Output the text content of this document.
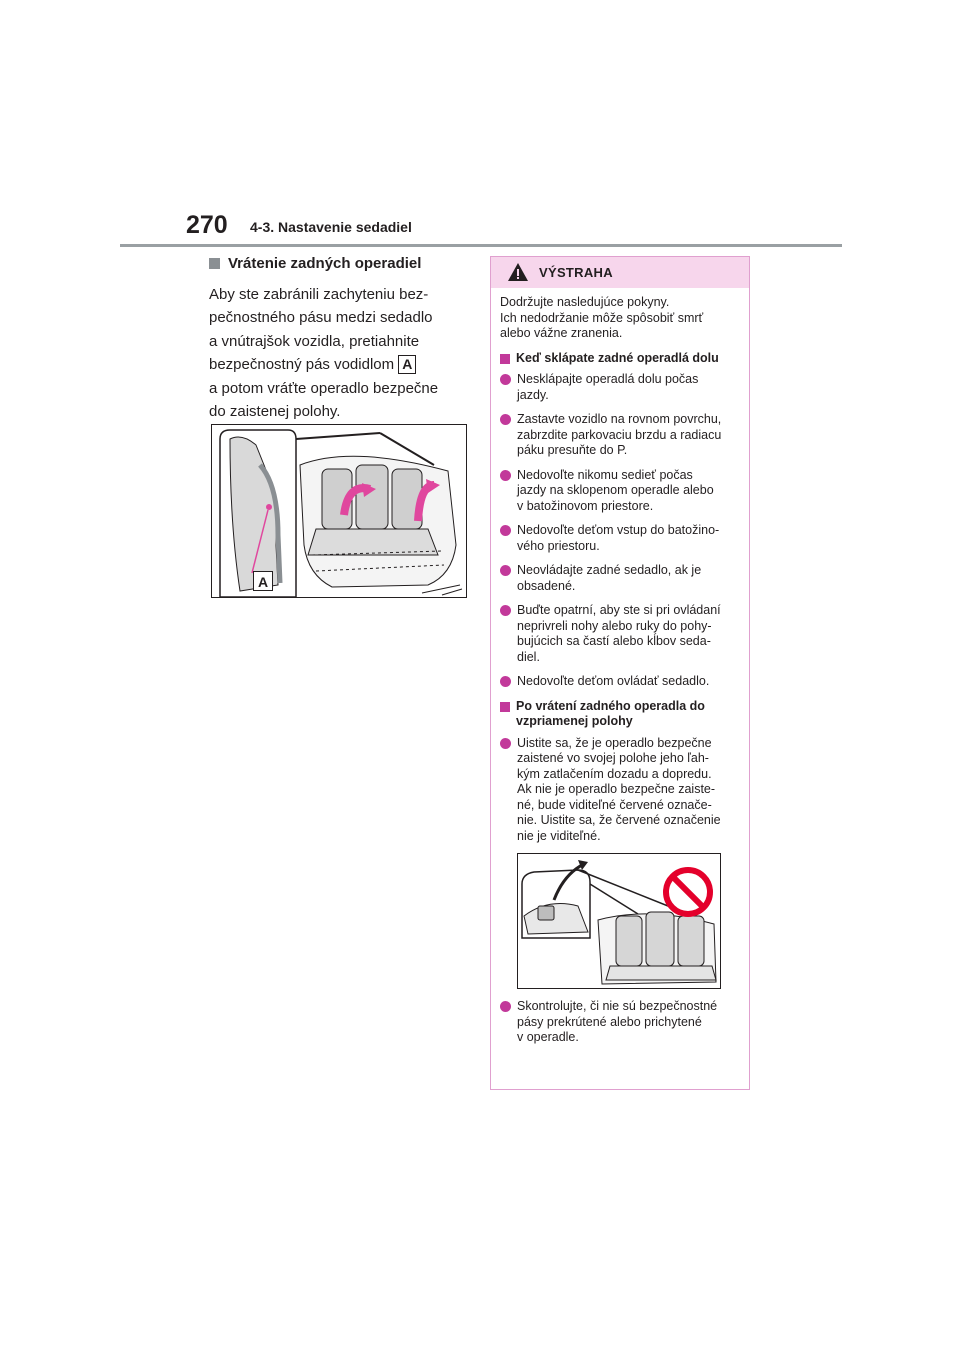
270 4-3. Nastavenie sedadiel
Vrátenie zadných operadiel

Aby ste zabránili zachyteniu bez-
pečnostného pásu medzi sedadlo
a vnútrajšok vozidla, pretiahnite
bezpečnostný pás vodidlom A
a potom vráťte operadlo bezpečne
do zaistenej polohy.

A
VÝSTRAHA

Dodržujte nasledujúce pokyny.
Ich nedodržanie môže spôsobiť smrť
alebo vážne zranenia.

Keď sklápate zadné operadlá dolu
Nesklápajte operadlá dolu počas
jazdy.
Zastavte vozidlo na rovnom povrchu,
zabrzdite parkovaciu brzdu a radiacu
páku presuňte do P.
Nedovoľte nikomu sedieť počas
jazdy na sklopenom operadle alebo
v batožinovom priestore.
Nedovoľte deťom vstup do batožino-
vého priestoru.
Neovládajte zadné sedadlo, ak je
obsadené.
Buďte opatrní, aby ste si pri ovládaní
neprivreli nohy alebo ruky do pohy-
bujúcich sa častí alebo kĺbov seda-
diel.
Nedovoľte deťom ovládať sedadlo.
Po vrátení zadného operadla do vzpriamenej polohy
Uistite sa, že je operadlo bezpečne
zaistené vo svojej polohe jeho ľah-
kým zatlačením dozadu a dopredu.
Ak nie je operadlo bezpečne zaiste-
né, bude viditeľné červené označe-
nie. Uistite sa, že červené označenie
nie je viditeľné.
Skontrolujte, či nie sú bezpečnostné
pásy prekrútené alebo prichytené
v operadle.
